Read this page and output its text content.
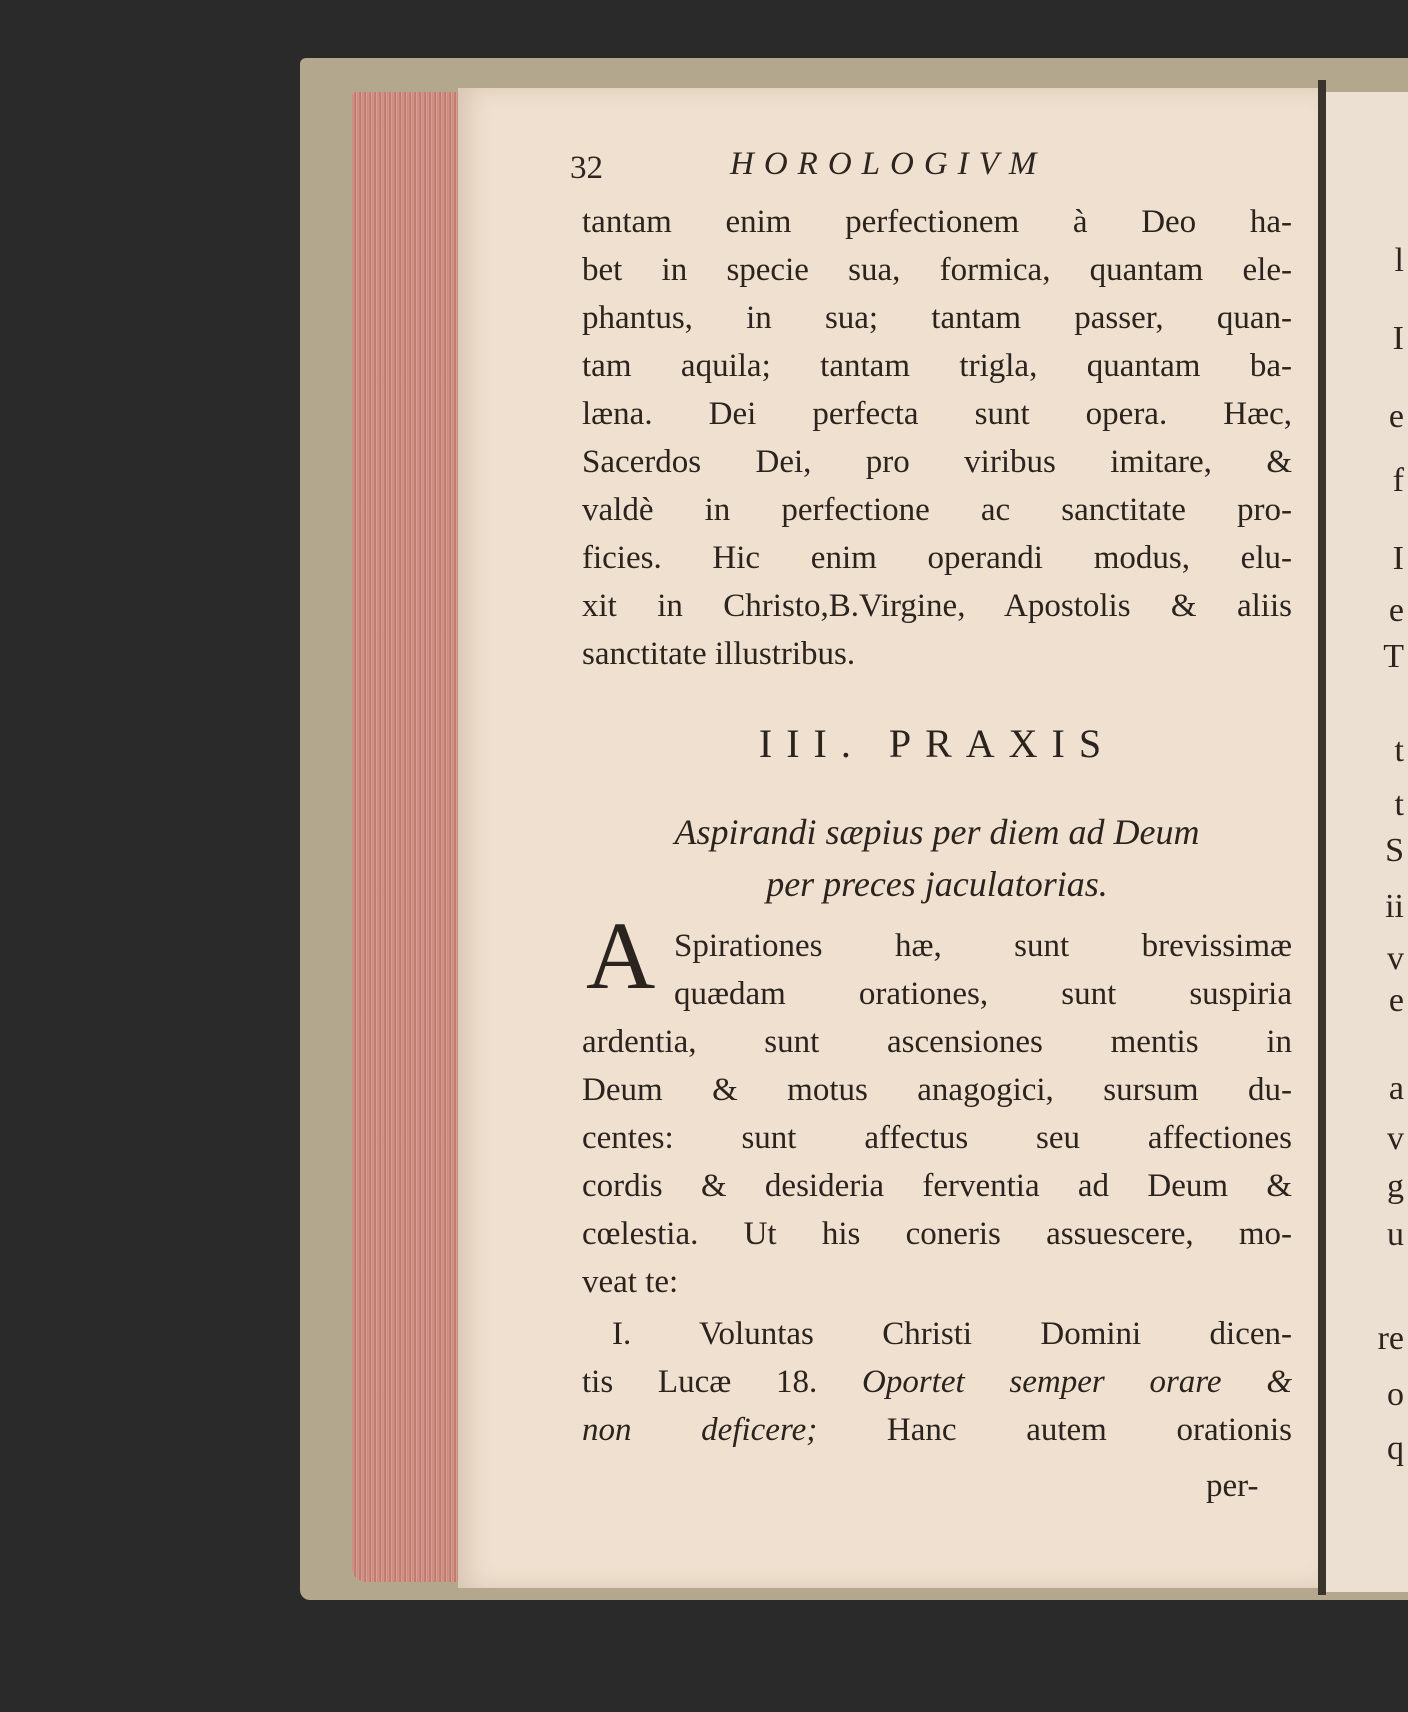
l
I
e
f
I
e
T
t
t
S
ii
v
e
a
v
g
u
re
o
q
32	HOROLOGIVM
tantam enim perfectionem à Deo ha-
bet in specie sua, formica, quantam ele-
phantus, in sua; tantam passer, quan-
tam aquila; tantam trigla, quantam ba-
læna. Dei perfecta sunt opera. Hæc,
Sacerdos Dei, pro viribus imitare, &
valdè in perfectione ac sanctitate pro-
ficies. Hic enim operandi modus, elu-
xit in Christo,B.Virgine, Apostolis & aliis
sanctitate illustribus.
III. PRAXIS
Aspirandi sæpius per diem ad Deum
per preces jaculatorias.
A Spirationes hæ, sunt brevissimæ
quædam orationes, sunt suspiria
ardentia, sunt ascensiones mentis in
Deum & motus anagogici, sursum du-
centes: sunt affectus seu affectiones
cordis & desideria ferventia ad Deum &
cœlestia. Ut his coneris assuescere, mo-
veat te:
I. Voluntas Christi Domini dicen-
tis Lucæ 18. Oportet semper orare &
non deficere; Hanc autem orationis
per-
